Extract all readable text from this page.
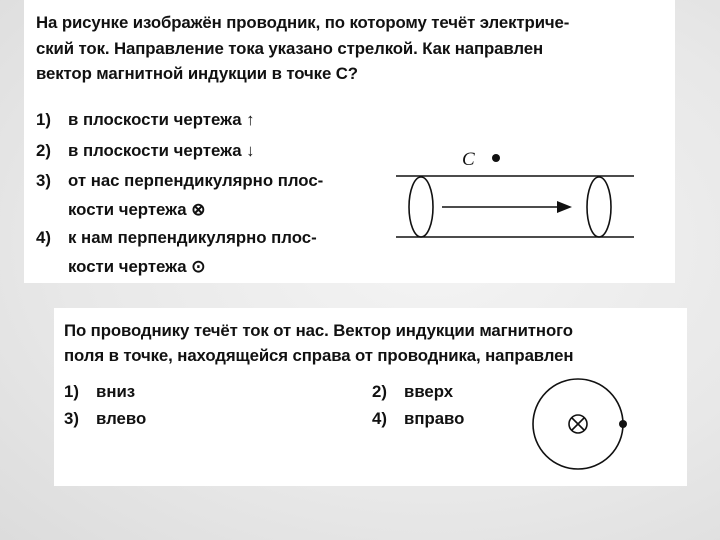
На рисунке изображён проводник, по которому течёт электриче-
ский ток. Направление тока указано стрелкой. Как направлен
вектор магнитной индукции в точке C?
1) в плоскости чертежа ↑
2) в плоскости чертежа ↓
3) от нас перпендикулярно плос-
кости чертежа ⊗
4) к нам перпендикулярно плос-
кости чертежа ⊙
C
По проводнику течёт ток от нас. Вектор индукции магнитного
поля в точке, находящейся справа от проводника, направлен
1) вниз	2) вверх
3) влево	4) вправо
